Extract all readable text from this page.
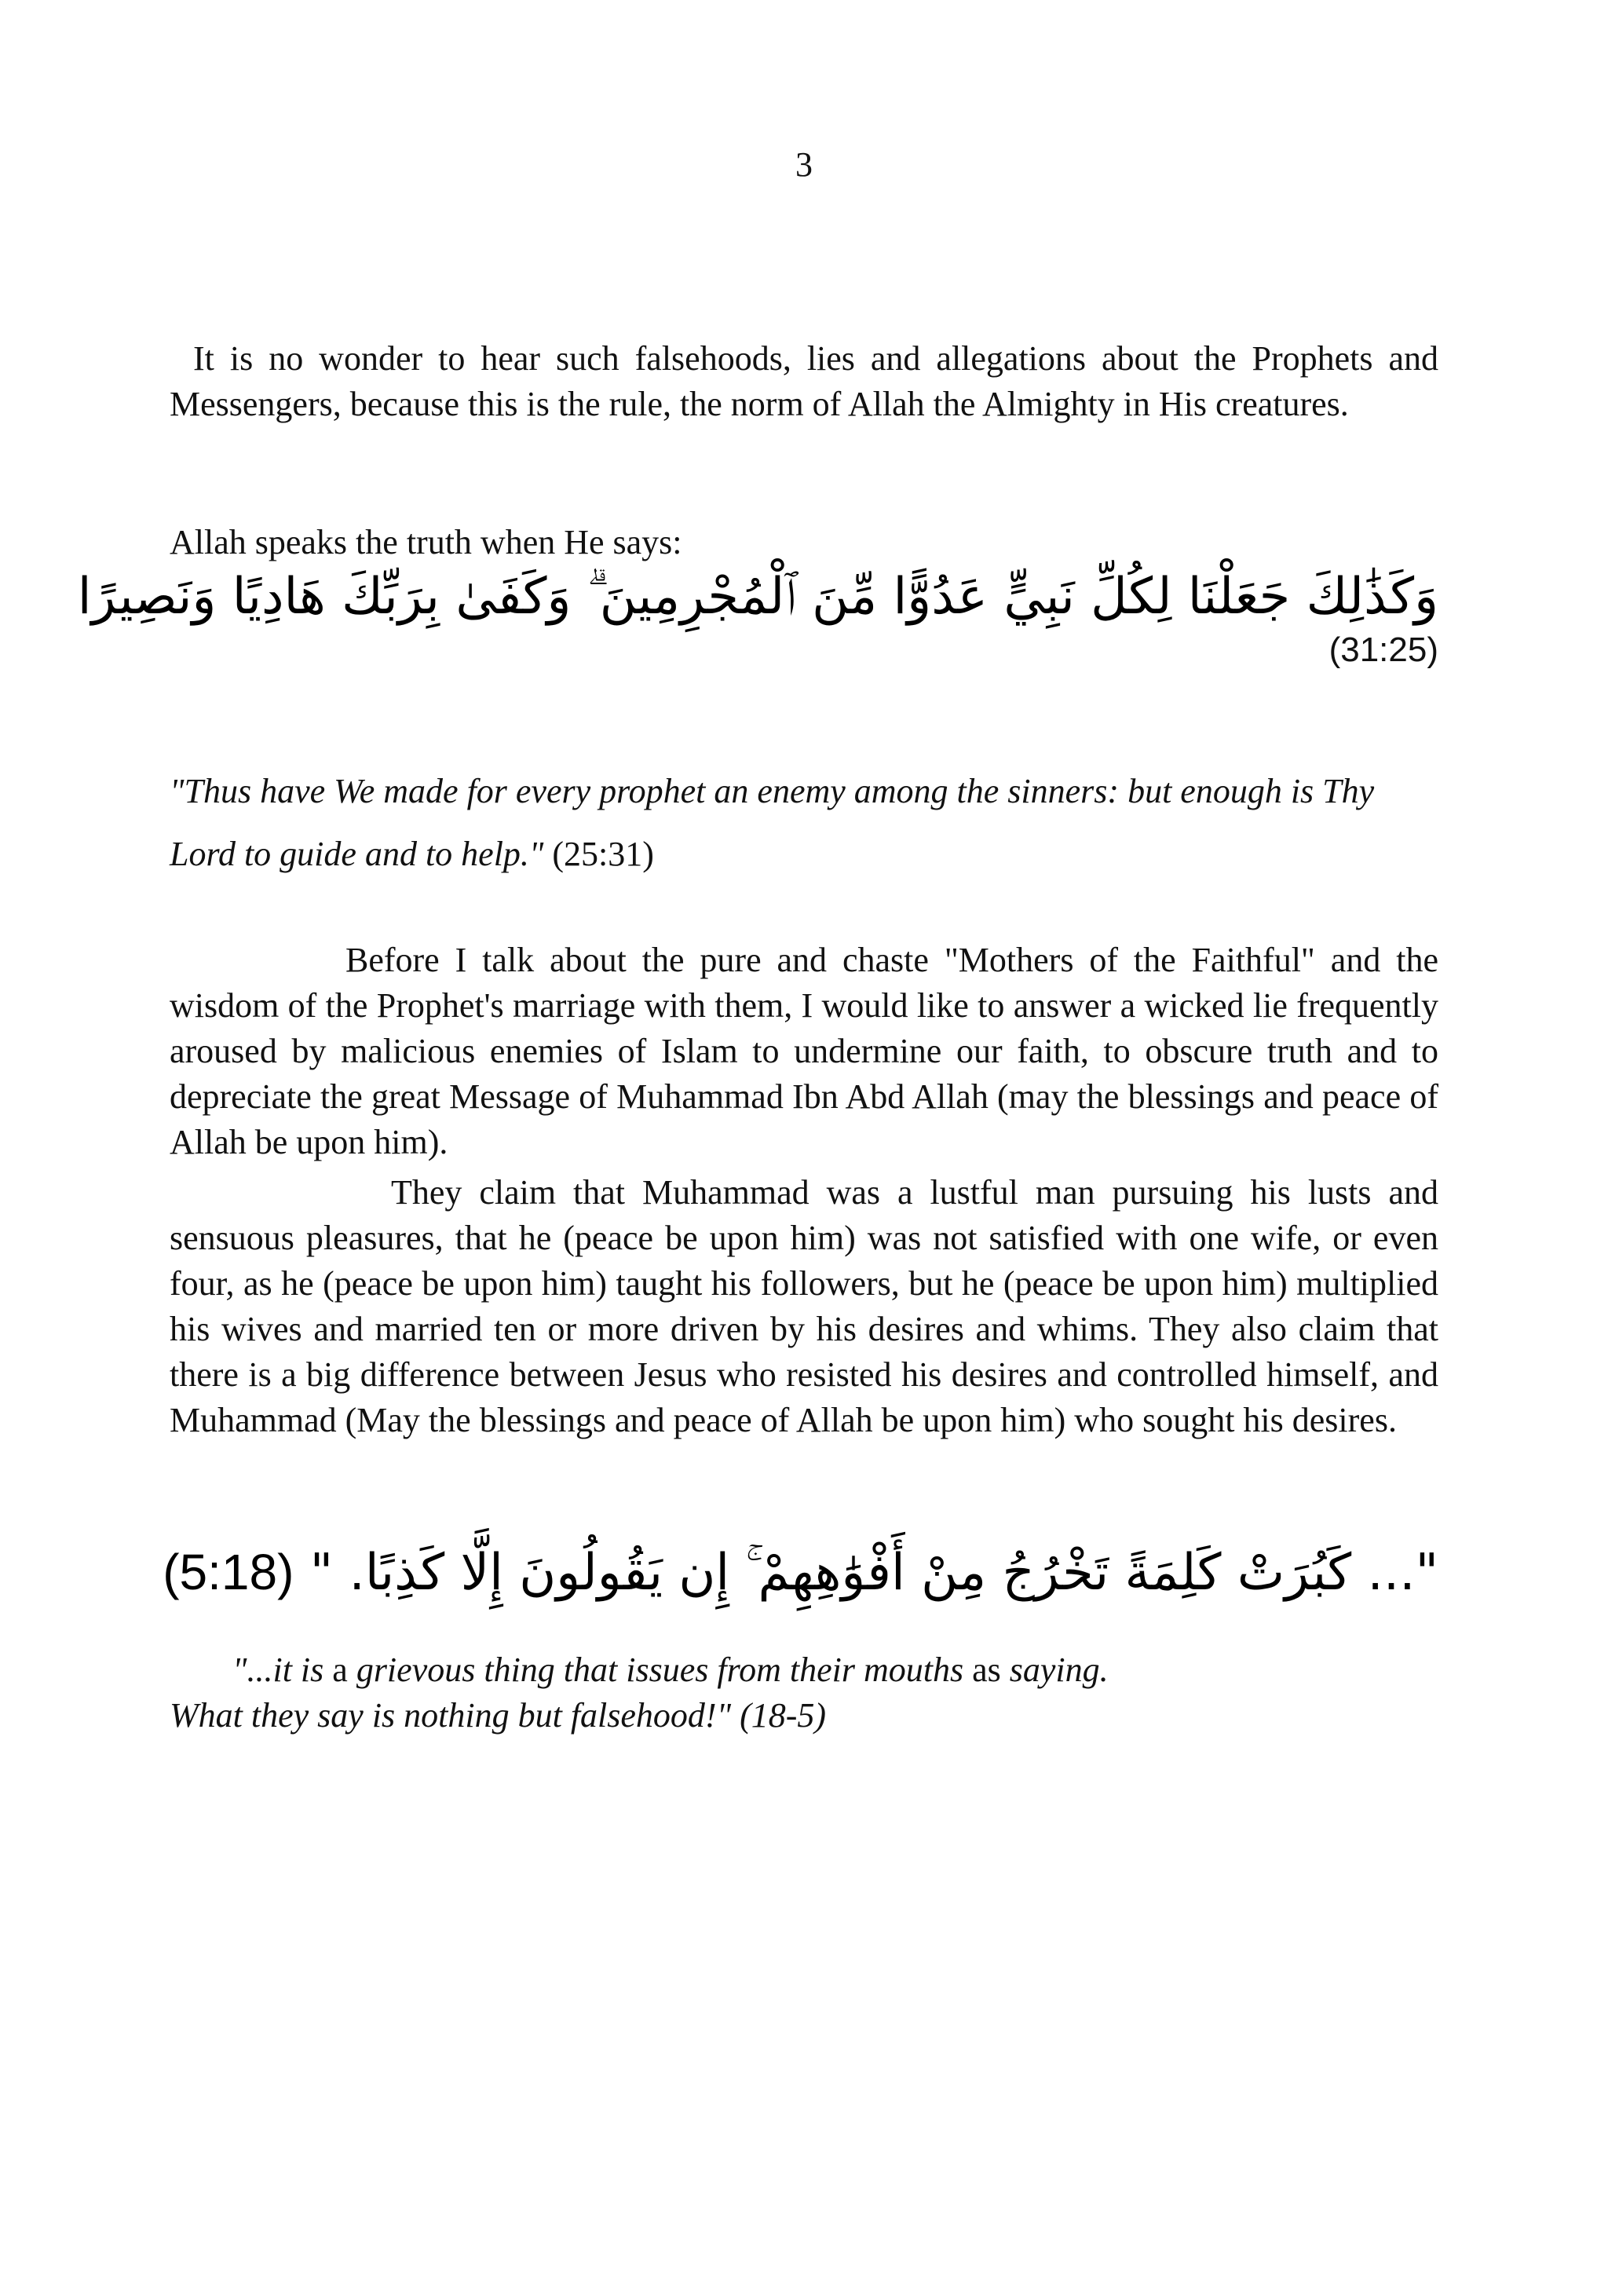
3
It is no wonder to hear such falsehoods, lies and allegations about the Prophets and Messengers, because this is the rule, the norm of Allah the Almighty in His creatures.
Allah speaks the truth when He says:
وَكَذَٰلِكَ جَعَلْنَا لِكُلِّ نَبِيٍّ عَدُوًّا مِّنَ ٱلْمُجْرِمِينَ ۗ وَكَفَىٰ بِرَبِّكَ هَادِيًا وَنَصِيرًا
(31:25)
"Thus have We made for every prophet an enemy among the sinners: but enough is Thy Lord to guide and to help." (25:31)
Before I talk about the pure and chaste "Mothers of the Faithful" and the wisdom of the Prophet's marriage with them, I would like to answer a wicked lie frequently aroused by malicious enemies of Islam to undermine our faith, to obscure truth and to depreciate the great Message of Muhammad Ibn Abd Allah (may the blessings and peace of Allah be upon him).
They claim that Muhammad was a lustful man pursuing his lusts and sensuous pleasures, that he (peace be upon him) was not satisfied with one wife, or even four, as he (peace be upon him) taught his followers, but he (peace be upon him) multiplied his wives and married ten or more driven by his desires and whims. They also claim that there is a big difference between Jesus who resisted his desires and controlled himself, and Muhammad (May the blessings and peace of Allah be upon him) who sought his desires.
"... كَبُرَتْ كَلِمَةً تَخْرُجُ مِنْ أَفْوَٰهِهِمْ ۚ إِن يَقُولُونَ إِلَّا كَذِبًا. " (5:18)
"...it is a grievous thing that issues from their mouths as saying.
What they say is nothing but falsehood!" (18-5)
